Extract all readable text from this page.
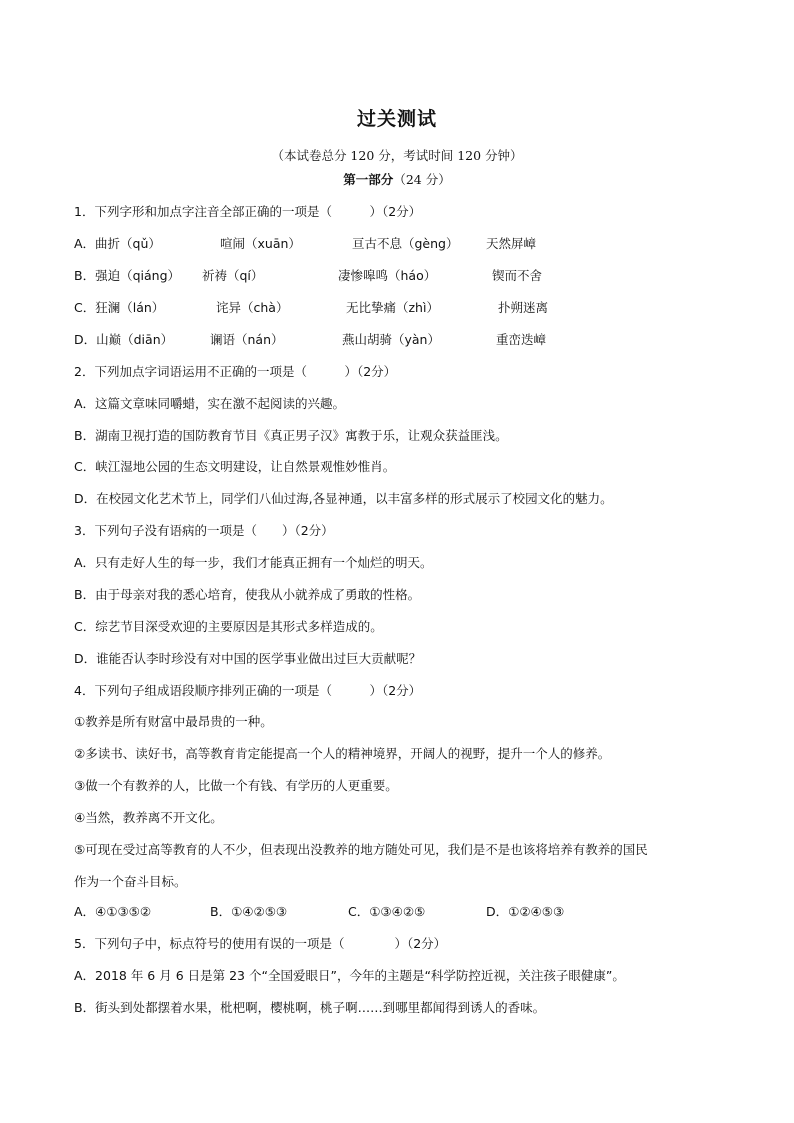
过关测试
（本试卷总分 120 分，考试时间 120 分钟）
第一部分（24 分）
1．下列字形和加点字注音全部正确的一项是（　　　）（2分）
A．曲折（qǔ）	喧闹（xuān）	亘古不息（gèng） 天然屏嶂
B．强迫（qiáng） 祈祷（qí）	凄惨嗥鸣（háo）	锲而不舍
C．狂澜（lán）	诧异（chà）	无比挚痛（zhì）	扑朔迷离
D．山巅（diān）	谰语（nán）	燕山胡骑（yàn）	重峦迭嶂
2．下列加点字词语运用不正确的一项是（　　　）（2分）
A．这篇文章味同嚼蜡，实在激不起阅读的兴趣。
B．湖南卫视打造的国防教育节目《真正男子汉》寓教于乐，让观众获益匪浅。
C．峡江湿地公园的生态文明建设，让自然景观惟妙惟肖。
D．在校园文化艺术节上，同学们八仙过海,各显神通，以丰富多样的形式展示了校园文化的魅力。
3．下列句子没有语病的一项是（　　）（2分）
A．只有走好人生的每一步，我们才能真正拥有一个灿烂的明天。
B．由于母亲对我的悉心培育，使我从小就养成了勇敢的性格。
C．综艺节目深受欢迎的主要原因是其形式多样造成的。
D．谁能否认李时珍没有对中国的医学事业做出过巨大贡献呢？
4．下列句子组成语段顺序排列正确的一项是（　　　）（2分）
①教养是所有财富中最昂贵的一种。
②多读书、读好书，高等教育肯定能提高一个人的精神境界，开阔人的视野，提升一个人的修养。
③做一个有教养的人，比做一个有钱、有学历的人更重要。
④当然，教养离不开文化。
⑤可现在受过高等教育的人不少，但表现出没教养的地方随处可见，我们是不是也该将培养有教养的国民
作为一个奋斗目标。
A．④①③⑤②	B．①④②⑤③	C．①③④②⑤	D．①②④⑤③
5．下列句子中，标点符号的使用有误的一项是（　　　　）（2分）
A．2018 年 6 月 6 日是第 23 个“全国爱眼日”，今年的主题是“科学防控近视，关注孩子眼健康”。
B．街头到处都摆着水果，枇杷啊，樱桃啊，桃子啊……到哪里都闻得到诱人的香味。
